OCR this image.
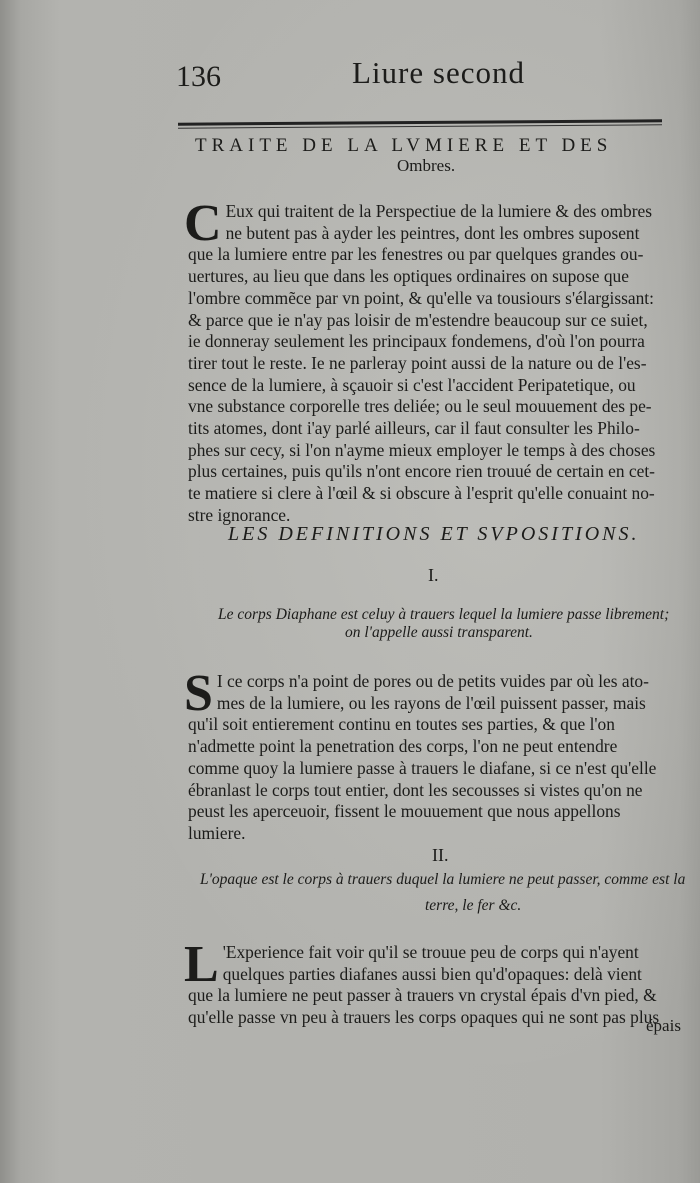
136	Liure second
TRAITE DE LA LVMIERE ET DES
Ombres.
C Eux qui traitent de la Perspectiue de la lumiere & des ombres
ne butent pas à ayder les peintres, dont les ombres suposent
que la lumiere entre par les fenestres ou par quelques grandes ou-
uertures, au lieu que dans les optiques ordinaires on supose que
l'ombre commẽce par vn point, & qu'elle va tousiours s'élargissant:
& parce que ie n'ay pas loisir de m'estendre beaucoup sur ce suiet,
ie donneray seulement les principaux fondemens, d'où l'on pourra
tirer tout le reste. Ie ne parleray point aussi de la nature ou de l'es-
sence de la lumiere, à sçauoir si c'est l'accident Peripatetique, ou
vne substance corporelle tres deliée; ou le seul mouuement des pe-
tits atomes, dont i'ay parlé ailleurs, car il faut consulter les Philo-
phes sur cecy, si l'on n'ayme mieux employer le temps à des choses
plus certaines, puis qu'ils n'ont encore rien trouué de certain en cet-
te matiere si clere à l'œil & si obscure à l'esprit qu'elle conuaint no-
stre ignorance.
LES DEFINITIONS ET SVPOSITIONS.
I.
Le corps Diaphane est celuy à trauers lequel la lumiere passe librement;
on l'appelle aussi transparent.
S I ce corps n'a point de pores ou de petits vuides par où les ato-
mes de la lumiere, ou les rayons de l'œil puissent passer, mais
qu'il soit entierement continu en toutes ses parties, & que l'on
n'admette point la penetration des corps, l'on ne peut entendre
comme quoy la lumiere passe à trauers le diafane, si ce n'est qu'elle
ébranlast le corps tout entier, dont les secousses si vistes qu'on ne
peust les aperceuoir, fissent le mouuement que nous appellons
lumiere.
II.
L'opaque est le corps à trauers duquel la lumiere ne peut passer, comme est la
terre, le fer &c.
L 'Experience fait voir qu'il se trouue peu de corps qui n'ayent
quelques parties diafanes aussi bien qu'd'opaques: delà vient
que la lumiere ne peut passer à trauers vn crystal épais d'vn pied, &
qu'elle passe vn peu à trauers les corps opaques qui ne sont pas plus
épais
